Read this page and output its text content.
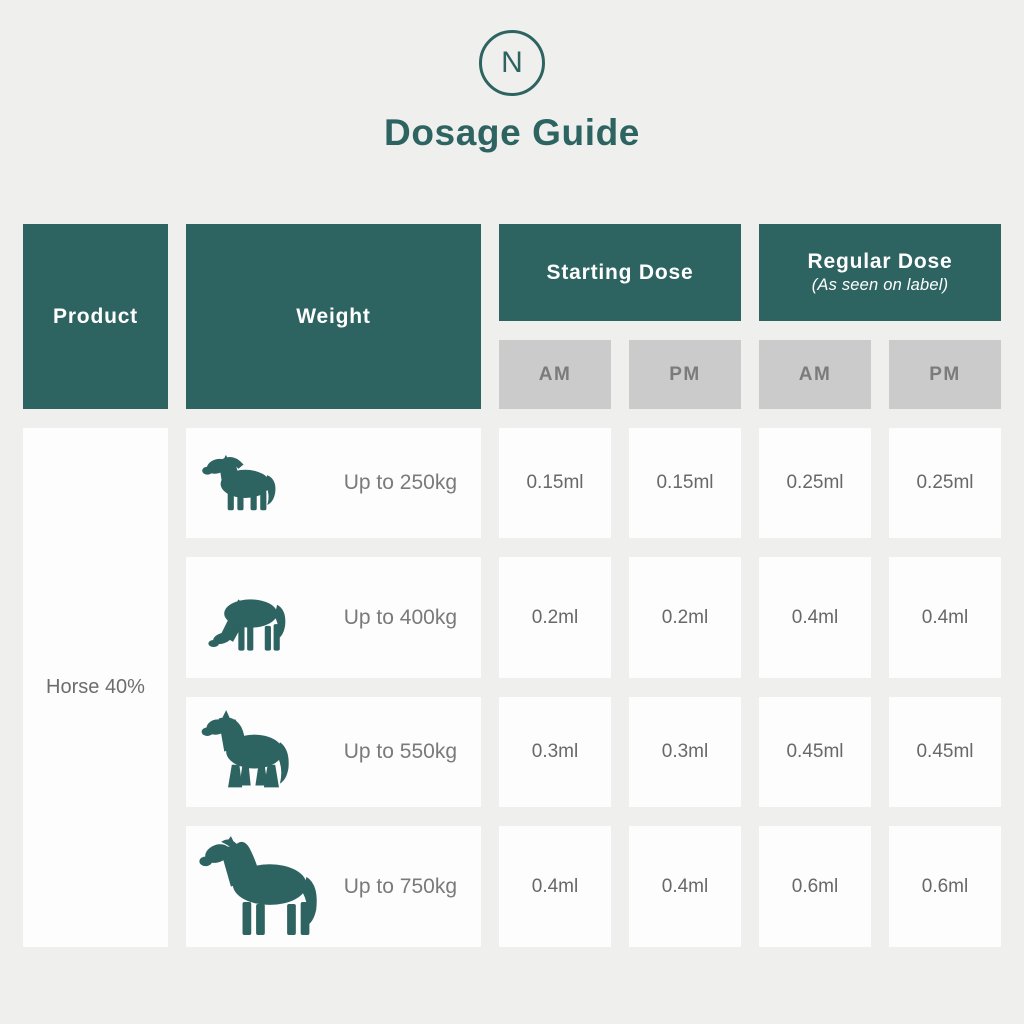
N
Dosage Guide
Product	Weight
Starting Dose	Regular Dose
(As seen on label)
AM	PM	AM	PM
Horse 40%
Up to 250kg	0.15ml	0.15ml	0.25ml	0.25ml
Up to 400kg	0.2ml	0.2ml	0.4ml	0.4ml
Up to 550kg	0.3ml	0.3ml	0.45ml	0.45ml
Up to 750kg	0.4ml	0.4ml	0.6ml	0.6ml
